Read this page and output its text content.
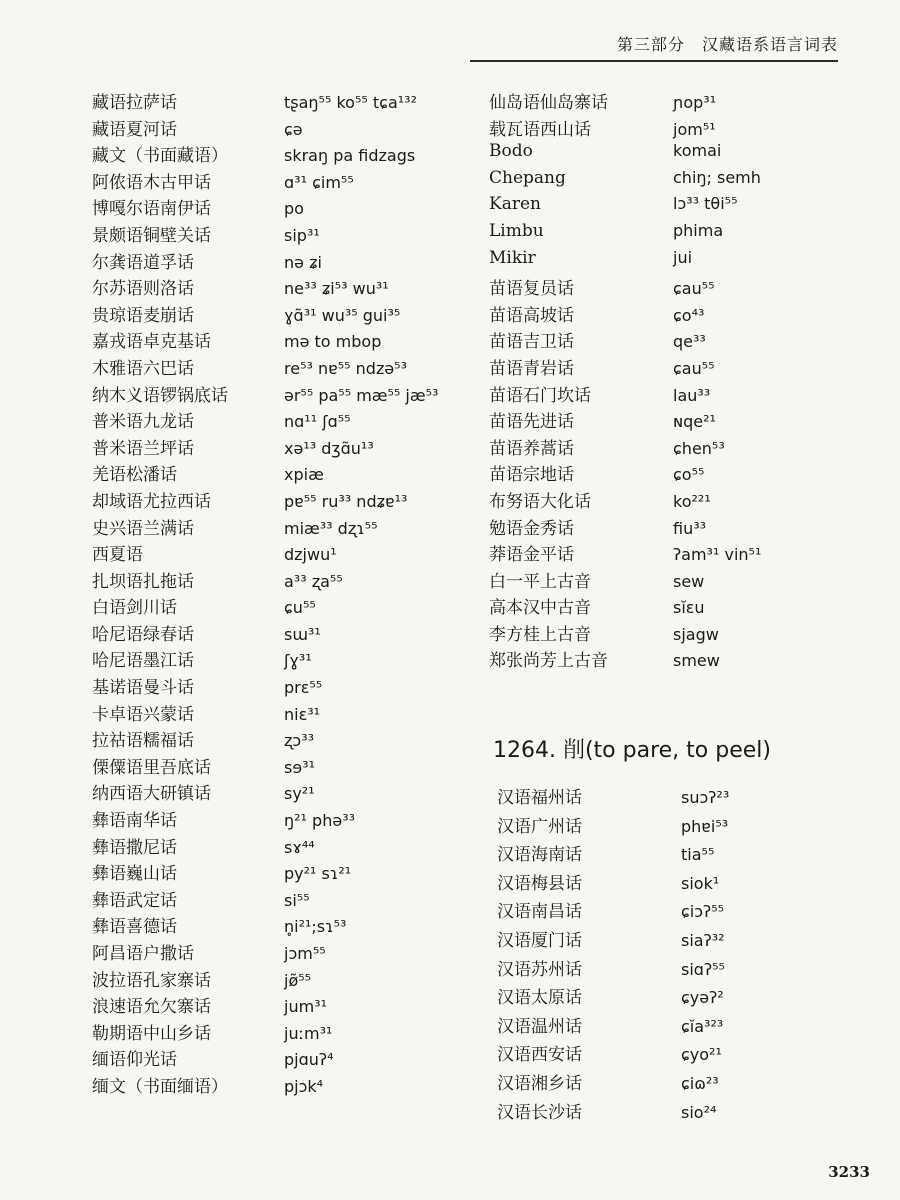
第三部分　汉藏语系语言词表
藏语拉萨话	tʂaŋ⁵⁵ ko⁵⁵ tɕa¹³²
藏语夏河话	ɕə
藏文（书面藏语）	skraŋ pa fidzags
阿侬语木古甲话	ɑ³¹ ɕim⁵⁵
博嘎尔语南伊话	po
景颇语铜壁关话	sip³¹
尔龚语道孚话	nə ʑi
尔苏语则洛话	ne³³ ʑi⁵³ wu³¹
贵琼语麦崩话	ɣɑ̃³¹ wu³⁵ gui³⁵
嘉戎语卓克基话	mə to mbop
木雅语六巴话	re⁵³ nɐ⁵⁵ ndzə⁵³
纳木义语锣锅底话	ər⁵⁵ pa⁵⁵ mæ⁵⁵ jæ⁵³
普米语九龙话	nɑ¹¹ ʃɑ⁵⁵
普米语兰坪话	xə¹³ dʒɑ̃u¹³
羌语松潘话	xpiæ
却域语尤拉西话	pɐ⁵⁵ ru³³ ndʑɐ¹³
史兴语兰满话	miæ³³ dʐɿ⁵⁵
西夏语	dzjwu¹
扎坝语扎拖话	a³³ ʐa⁵⁵
白语剑川话	ɕu⁵⁵
哈尼语绿春话	sɯ³¹
哈尼语墨江话	ʃɣ³¹
基诺语曼斗话	prɛ⁵⁵
卡卓语兴蒙话	niɛ³¹
拉祜语糯福话	ʐɔ³³
傈僳语里吾底话	sɘ³¹
纳西语大研镇话	sy²¹
彝语南华话	ŋ²¹ phə³³
彝语撒尼话	sɤ⁴⁴
彝语巍山话	py²¹ sɿ²¹
彝语武定话	si⁵⁵
彝语喜德话	n̥i²¹;sɿ⁵³
阿昌语户撒话	jɔm⁵⁵
波拉语孔家寨话	jø̃⁵⁵
浪速语允欠寨话	jum³¹
勒期语中山乡话	juːm³¹
缅语仰光话	pjɑuʔ⁴
缅文（书面缅语）	pjɔk⁴
仙岛语仙岛寨话	ɲop³¹
载瓦语西山话	jom⁵¹
Bodo	komai
Chepang	chiŋ; semh
Karen	lɔ³³ tθi⁵⁵
Limbu	phima
Mikir	jui
苗语复员话	ɕau⁵⁵
苗语高坡话	ɕo⁴³
苗语吉卫话	qe³³
苗语青岩话	ɕau⁵⁵
苗语石门坎话	lau³³
苗语先进话	ɴqe²¹
苗语养蒿话	ɕhen⁵³
苗语宗地话	ɕo⁵⁵
布努语大化话	ko²²¹
勉语金秀话	fiu³³
莽语金平话	ʔam³¹ vin⁵¹
白一平上古音	sew
高本汉中古音	sĭɛu
李方桂上古音	sjagw
郑张尚芳上古音	smew
1264. 削(to pare, to peel)
汉语福州话	suɔʔ²³
汉语广州话	phɐi⁵³
汉语海南话	tia⁵⁵
汉语梅县话	siok¹
汉语南昌话	ɕiɔʔ⁵⁵
汉语厦门话	siaʔ³²
汉语苏州话	siɑʔ⁵⁵
汉语太原话	ɕyəʔ²
汉语温州话	ɕĭa³²³
汉语西安话	ɕyo²¹
汉语湘乡话	ɕiɷ²³
汉语长沙话	sio²⁴
3233
